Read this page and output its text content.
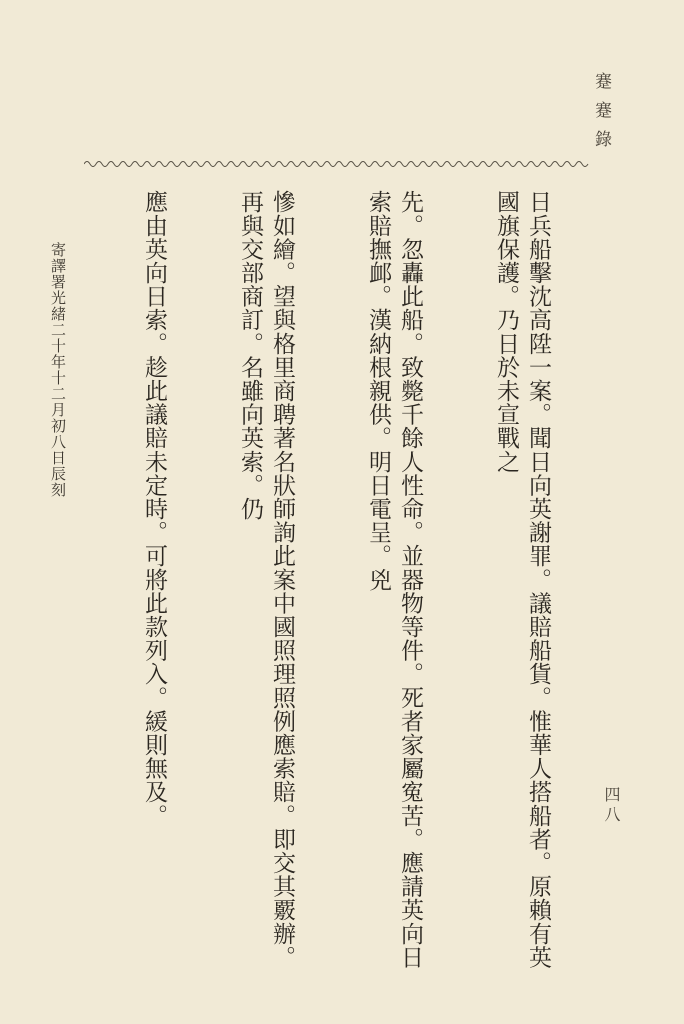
蹇蹇錄
四八

日兵船擊沈高陞一案。聞日向英謝罪。議賠船貨。惟華人搭船者。原賴有英國旗保護。乃日於未宣戰之

先。忽轟此船。致斃千餘人性命。並器物等件。死者家屬寃苦。應請英向日索賠撫䘏。漢納根親供。明日電呈。兇

慘如繪。望與格里商聘著名狀師詢此案中國照理照例應索賠。即交其覈辦。再與交部商訂。名雖向英索。仍

應由英向日索。趁此議賠未定時。可將此款列入。緩則無及。

寄譯署光緒二十年十二月初八日辰刻
